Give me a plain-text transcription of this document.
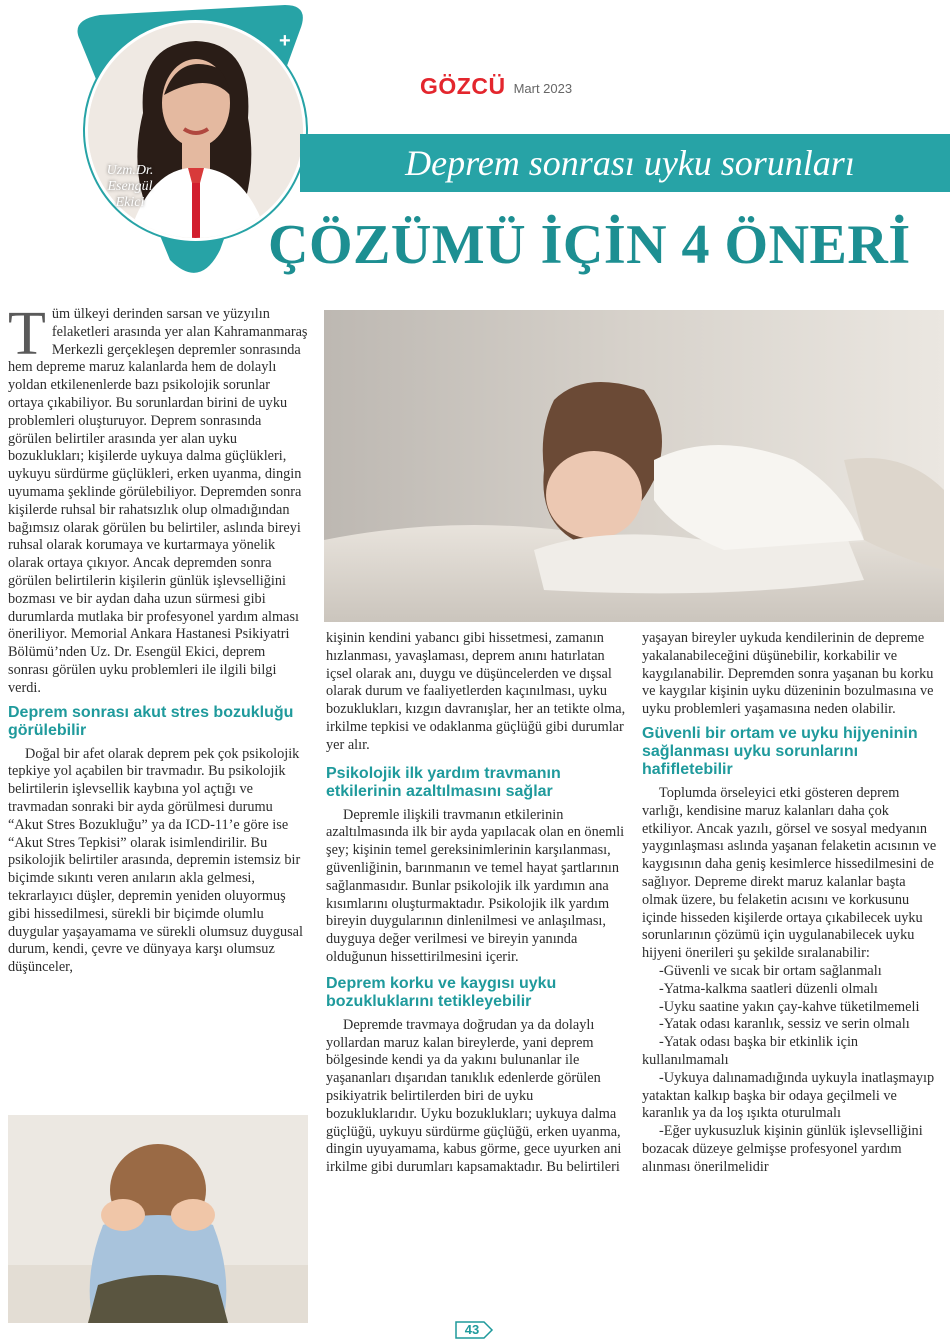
Uzm.Dr.
Esengül
Ekici
+
GÖZCÜ Mart 2023
Deprem sonrası uyku sorunları
ÇÖZÜMÜ İÇİN 4 ÖNERİ

Tüm ülkeyi derinden sarsan ve yüzyılın felaketleri arasında yer alan Kahramanmaraş Merkezli gerçekleşen depremler sonrasında hem depreme maruz kalanlarda hem de dolaylı yoldan etkilenenlerde bazı psikolojik sorunlar ortaya çıkabiliyor. Bu sorunlardan birini de uyku problemleri oluşturuyor. Deprem sonrasında görülen belirtiler arasında yer alan uyku bozuklukları; kişilerde uykuya dalma güçlükleri, uykuyu sürdürme güçlükleri, erken uyanma, dingin uyumama şeklinde görülebiliyor. Depremden sonra kişilerde ruhsal bir rahatsızlık olup olmadığından bağımsız olarak görülen bu belirtiler, aslında bireyi ruhsal olarak korumaya ve kurtarmaya yönelik olarak ortaya çıkıyor. Ancak depremden sonra görülen belirtilerin kişilerin günlük işlevselliğini bozması ve bir aydan daha uzun sürmesi gibi durumlarda mutlaka bir profesyonel yardım alması öneriliyor. Memorial Ankara Hastanesi Psikiyatri Bölümü’nden Uz. Dr. Esengül Ekici, deprem sonrası görülen uyku problemleri ile ilgili bilgi verdi.

Deprem sonrası akut stres bozukluğu görülebilir

Doğal bir afet olarak deprem pek çok psikolojik tepkiye yol açabilen bir travmadır. Bu psikolojik belirtilerin işlevsellik kaybına yol açtığı ve travmadan sonraki bir ayda görülmesi durumu “Akut Stres Bozukluğu” ya da ICD-11’e göre ise “Akut Stres Tepkisi” olarak isimlendirilir. Bu psikolojik belirtiler arasında, depremin istemsiz bir biçimde sıkıntı veren anıların akla gelmesi, tekrarlayıcı düşler, depremin yeniden oluyormuş gibi hissedilmesi, sürekli bir biçimde olumlu duygular yaşayamama ve sürekli olumsuz duygusal durum, kendi, çevre ve dünyaya karşı olumsuz düşünceler,

kişinin kendini yabancı gibi hissetmesi, zamanın hızlanması, yavaşlaması, deprem anını hatırlatan içsel olarak anı, duygu ve düşüncelerden ve dışsal olarak durum ve faaliyetlerden kaçınılması, uyku bozuklukları, kızgın davranışlar, her an tetikte olma, irkilme tepkisi ve odaklanma güçlüğü gibi durumlar yer alır.

Psikolojik ilk yardım travmanın etkilerinin azaltılmasını sağlar

Depremle ilişkili travmanın etkilerinin azaltılmasında ilk bir ayda yapılacak olan en önemli şey; kişinin temel gereksinimlerinin karşılanması, güvenliğinin, barınmanın ve temel hayat şartlarının sağlanmasıdır. Bunlar psikolojik ilk yardımın ana kısımlarını oluşturmaktadır. Psikolojik ilk yardım bireyin duygularının dinlenilmesi ve anlaşılması, duyguya değer verilmesi ve bireyin yanında olduğunun hissettirilmesini içerir.

Deprem korku ve kaygısı uyku bozukluklarını tetikleyebilir

Depremde travmaya doğrudan ya da dolaylı yollardan maruz kalan bireylerde, yani deprem bölgesinde kendi ya da yakını bulunanlar ile yaşananları dışarıdan tanıklık edenlerde görülen psikiyatrik belirtilerden biri de uyku bozukluklarıdır. Uyku bozuklukları; uykuya dalma güçlüğü, uykuyu sürdürme güçlüğü, erken uyanma, dingin uyuyamama, kabus görme, gece uyurken ani irkilme gibi durumları kapsamaktadır. Bu belirtileri

yaşayan bireyler uykuda kendilerinin de depreme yakalanabileceğini düşünebilir, korkabilir ve kaygılanabilir. Depremden sonra yaşanan bu korku ve kaygılar kişinin uyku düzeninin bozulmasına ve uyku problemleri yaşamasına neden olabilir.

Güvenli bir ortam ve uyku hijyeninin sağlanması uyku sorunlarını hafifletebilir

Toplumda örseleyici etki gösteren deprem varlığı, kendisine maruz kalanları daha çok etkiliyor. Ancak yazılı, görsel ve sosyal medyanın yaygınlaşması aslında yaşanan felaketin acısının ve kaygısının daha geniş kesimlerce hissedilmesini de sağlıyor. Depreme direkt maruz kalanlar başta olmak üzere, bu felaketin acısını ve korkusunu içinde hisseden kişilerde ortaya çıkabilecek uyku sorunlarının çözümü için uygulanabilecek uyku hijyeni önerileri şu şekilde sıralanabilir:

-Güvenli ve sıcak bir ortam sağlanmalı

-Yatma-kalkma saatleri düzenli olmalı

-Uyku saatine yakın çay-kahve tüketilmemeli

-Yatak odası karanlık, sessiz ve serin olmalı

-Yatak odası başka bir etkinlik için kullanılmamalı

-Uykuya dalınamadığında uykuyla inatlaşmayıp yataktan kalkıp başka bir odaya geçilmeli ve karanlık ya da loş ışıkta oturulmalı

-Eğer uykusuzluk kişinin günlük işlevselliğini bozacak düzeye gelmişse profesyonel yardım alınması önerilmelidir

43
